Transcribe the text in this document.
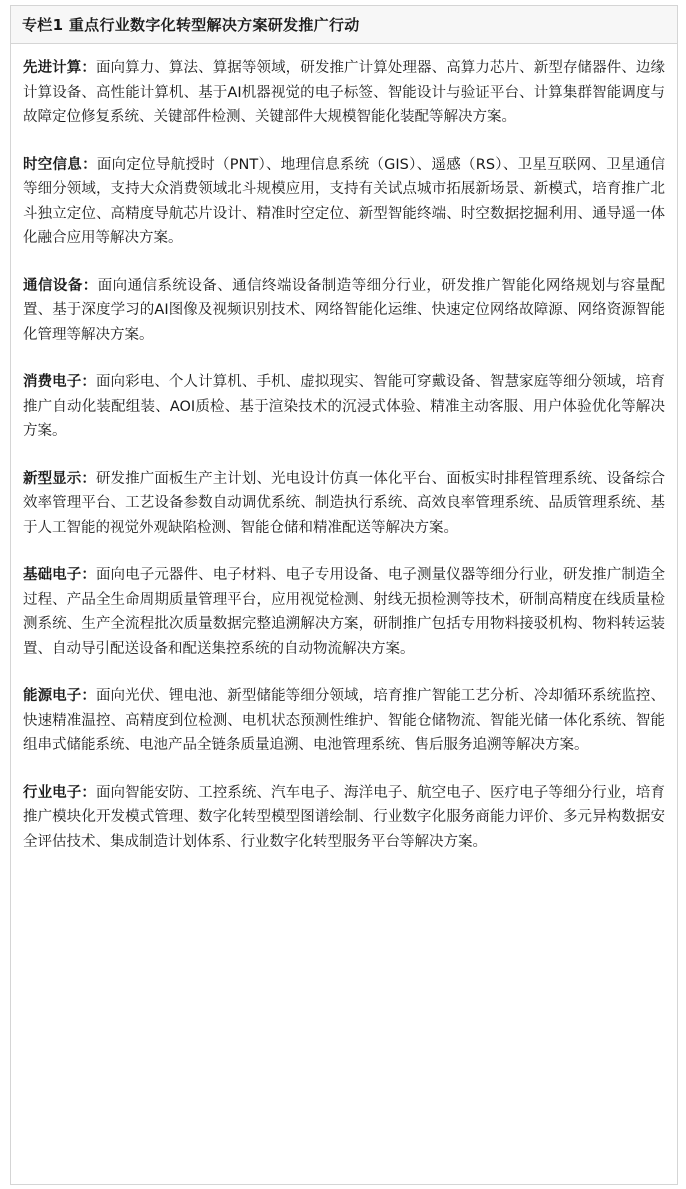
专栏1 重点行业数字化转型解决方案研发推广行动

先进计算：面向算力、算法、算据等领域，研发推广计算处理器、高算力芯片、新型存储器件、边缘计算设备、高性能计算机、基于AI机器视觉的电子标签、智能设计与验证平台、计算集群智能调度与故障定位修复系统、关键部件检测、关键部件大规模智能化装配等解决方案。

时空信息：面向定位导航授时（PNT）、地理信息系统（GIS）、遥感（RS）、卫星互联网、卫星通信等细分领域，支持大众消费领域北斗规模应用，支持有关试点城市拓展新场景、新模式，培育推广北斗独立定位、高精度导航芯片设计、精准时空定位、新型智能终端、时空数据挖掘利用、通导遥一体化融合应用等解决方案。

通信设备：面向通信系统设备、通信终端设备制造等细分行业，研发推广智能化网络规划与容量配置、基于深度学习的AI图像及视频识别技术、网络智能化运维、快速定位网络故障源、网络资源智能化管理等解决方案。

消费电子：面向彩电、个人计算机、手机、虚拟现实、智能可穿戴设备、智慧家庭等细分领域，培育推广自动化装配组装、AOI质检、基于渲染技术的沉浸式体验、精准主动客服、用户体验优化等解决方案。

新型显示：研发推广面板生产主计划、光电设计仿真一体化平台、面板实时排程管理系统、设备综合效率管理平台、工艺设备参数自动调优系统、制造执行系统、高效良率管理系统、品质管理系统、基于人工智能的视觉外观缺陷检测、智能仓储和精准配送等解决方案。

基础电子：面向电子元器件、电子材料、电子专用设备、电子测量仪器等细分行业，研发推广制造全过程、产品全生命周期质量管理平台，应用视觉检测、射线无损检测等技术，研制高精度在线质量检测系统、生产全流程批次质量数据完整追溯解决方案，研制推广包括专用物料接驳机构、物料转运装置、自动导引配送设备和配送集控系统的自动物流解决方案。

能源电子：面向光伏、锂电池、新型储能等细分领域，培育推广智能工艺分析、冷却循环系统监控、快速精准温控、高精度到位检测、电机状态预测性维护、智能仓储物流、智能光储一体化系统、智能组串式储能系统、电池产品全链条质量追溯、电池管理系统、售后服务追溯等解决方案。

行业电子：面向智能安防、工控系统、汽车电子、海洋电子、航空电子、医疗电子等细分行业，培育推广模块化开发模式管理、数字化转型模型图谱绘制、行业数字化服务商能力评价、多元异构数据安全评估技术、集成制造计划体系、行业数字化转型服务平台等解决方案。
